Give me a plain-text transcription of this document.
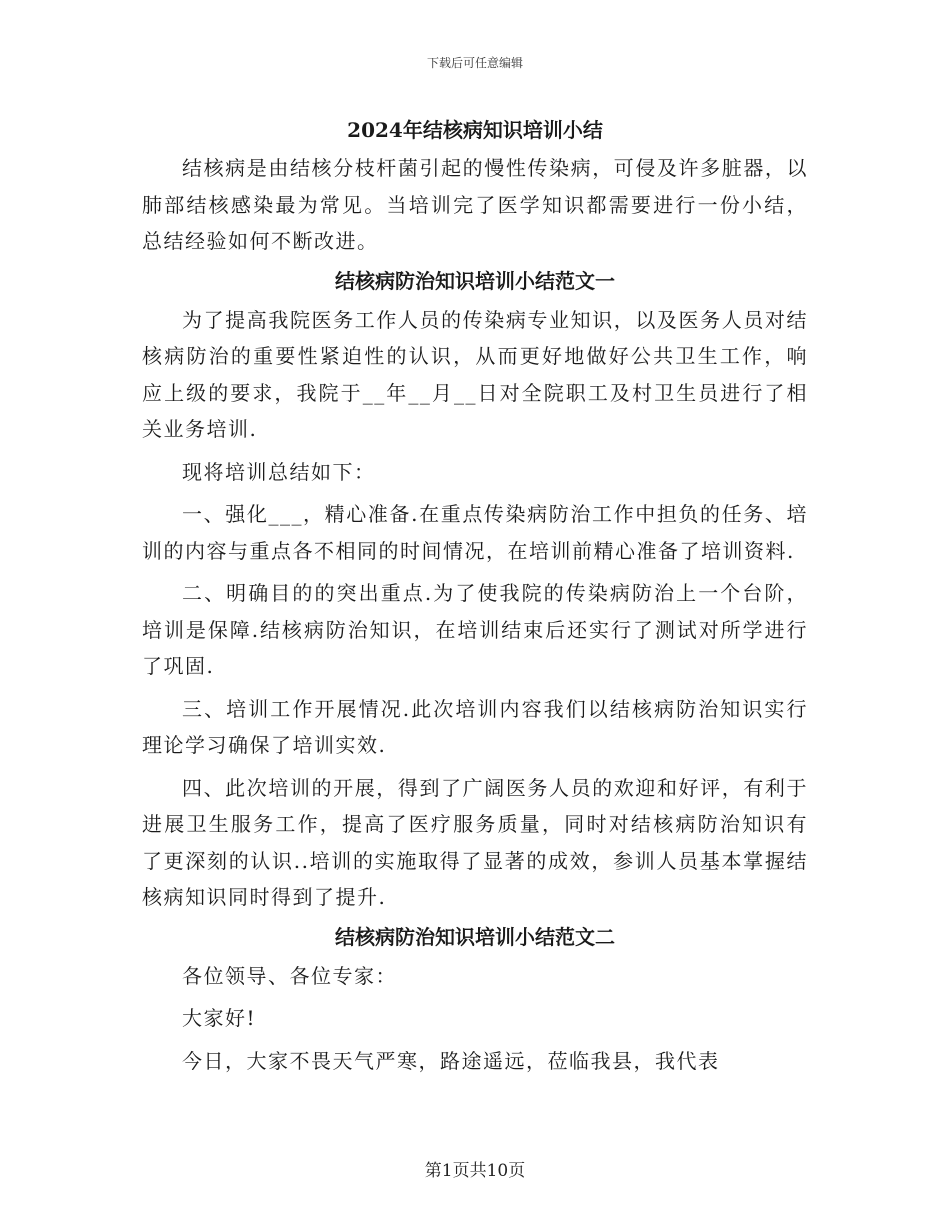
下载后可任意编辑
2024年结核病知识培训小结

结核病是由结核分枝杆菌引起的慢性传染病，可侵及许多脏器，以肺部结核感染最为常见。当培训完了医学知识都需要进行一份小结，总结经验如何不断改进。

结核病防治知识培训小结范文一

为了提高我院医务工作人员的传染病专业知识，以及医务人员对结核病防治的重要性紧迫性的认识，从而更好地做好公共卫生工作，响应上级的要求，我院于__年__月__日对全院职工及村卫生员进行了相关业务培训.

现将培训总结如下：

一、强化___，精心准备.在重点传染病防治工作中担负的任务、培训的内容与重点各不相同的时间情况，在培训前精心准备了培训资料.

二、明确目的的突出重点.为了使我院的传染病防治上一个台阶，培训是保障.结核病防治知识，在培训结束后还实行了测试对所学进行了巩固.

三、培训工作开展情况.此次培训内容我们以结核病防治知识实行理论学习确保了培训实效.

四、此次培训的开展，得到了广阔医务人员的欢迎和好评，有利于进展卫生服务工作，提高了医疗服务质量，同时对结核病防治知识有了更深刻的认识..培训的实施取得了显著的成效，参训人员基本掌握结核病知识同时得到了提升.

结核病防治知识培训小结范文二

各位领导、各位专家：

大家好!

今日，大家不畏天气严寒，路途遥远，莅临我县，我代表

第1页共10页
